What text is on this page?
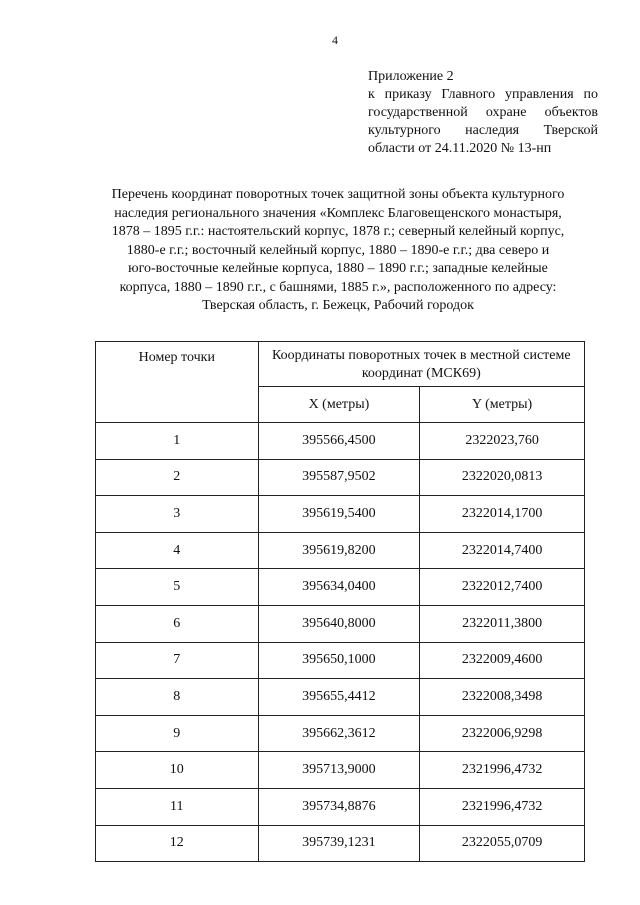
4
Приложение 2
к приказу Главного управления по
государственной охране объектов
культурного наследия Тверской
области от 24.11.2020 № 13-нп
Перечень координат поворотных точек защитной зоны объекта культурного
наследия регионального значения «Комплекс Благовещенского монастыря,
1878 – 1895 г.г.: настоятельский корпус, 1878 г.; северный келейный корпус,
1880-е г.г.; восточный келейный корпус, 1880 – 1890-е г.г.; два северо и
юго-восточные келейные корпуса, 1880 – 1890 г.г.; западные келейные
корпуса, 1880 – 1890 г.г., с башнями, 1885 г.», расположенного по адресу:
Тверская область, г. Бежецк, Рабочий городок
Номер точки	Координаты поворотных точек в местной системе координат (МСК69)	
	X (метры)	Y (метры)
1	395566,4500	2322023,760
2	395587,9502	2322020,0813
3	395619,5400	2322014,1700
4	395619,8200	2322014,7400
5	395634,0400	2322012,7400
6	395640,8000	2322011,3800
7	395650,1000	2322009,4600
8	395655,4412	2322008,3498
9	395662,3612	2322006,9298
10	395713,9000	2321996,4732
11	395734,8876	2321996,4732
12	395739,1231	2322055,0709
